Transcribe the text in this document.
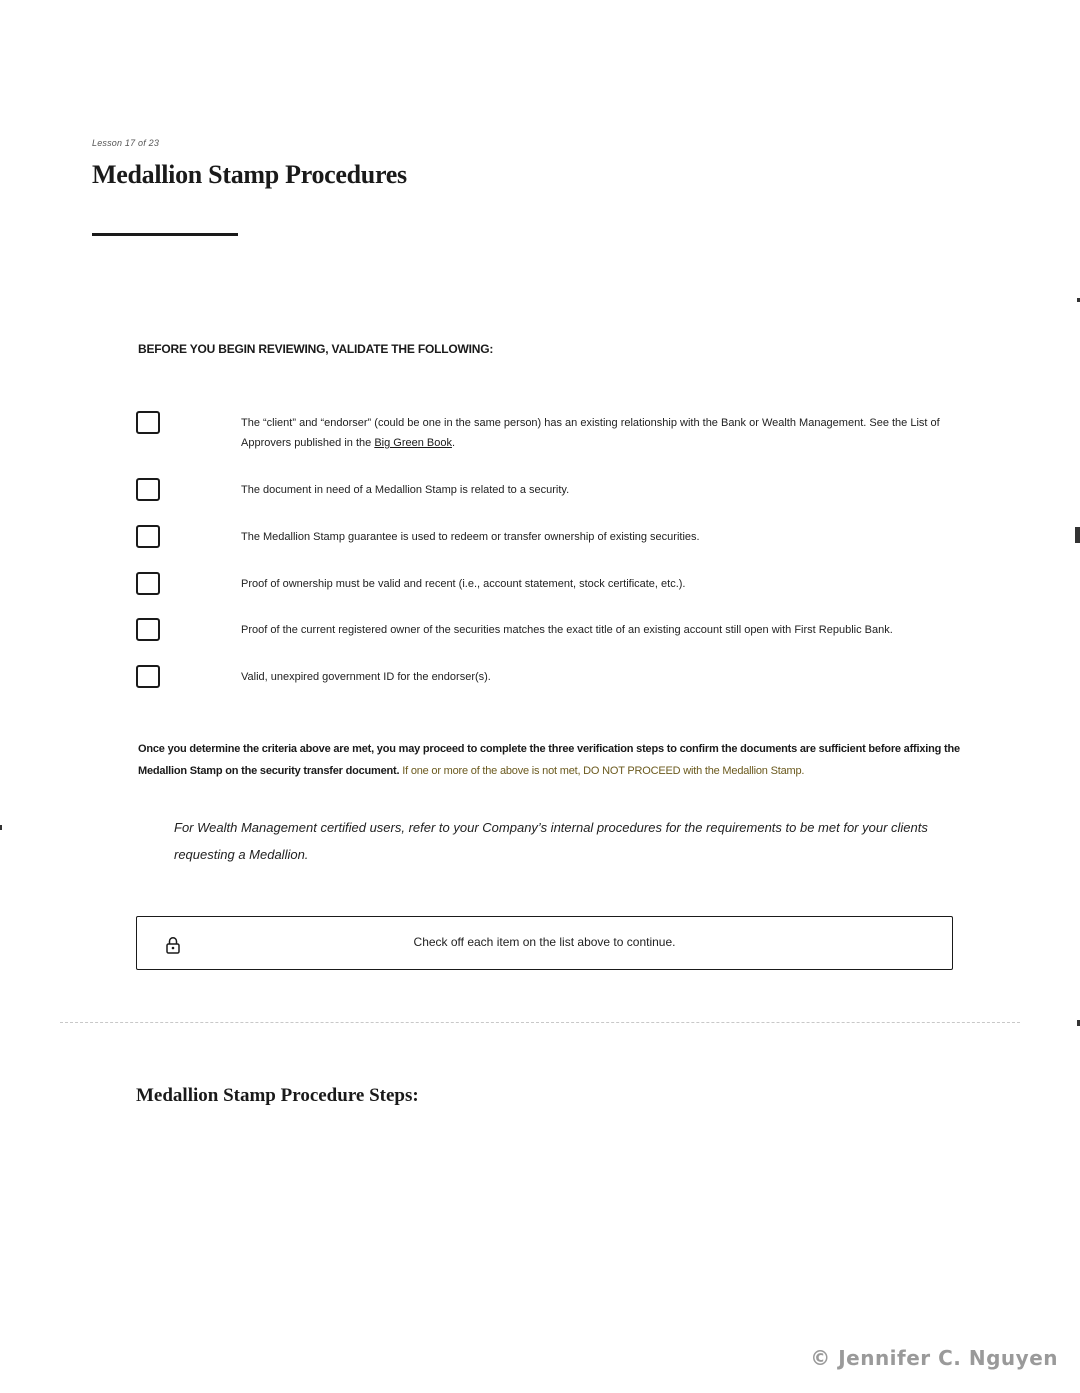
Lesson 17 of 23
Medallion Stamp Procedures
BEFORE YOU BEGIN REVIEWING, VALIDATE THE FOLLOWING:
The “client” and “endorser” (could be one in the same person) has an existing relationship with the Bank or Wealth Management. See the List of Approvers published in the Big Green Book.
The document in need of a Medallion Stamp is related to a security.
The Medallion Stamp guarantee is used to redeem or transfer ownership of existing securities.
Proof of ownership must be valid and recent (i.e., account statement, stock certificate, etc.).
Proof of the current registered owner of the securities matches the exact title of an existing account still open with First Republic Bank.
Valid, unexpired government ID for the endorser(s).

Once you determine the criteria above are met, you may proceed to complete the three verification steps to confirm the documents are sufficient before affixing the Medallion Stamp on the security transfer document. If one or more of the above is not met, DO NOT PROCEED with the Medallion Stamp.

For Wealth Management certified users, refer to your Company’s internal procedures for the requirements to be met for your clients requesting a Medallion.

Check off each item on the list above to continue.
Medallion Stamp Procedure Steps:
© Jennifer C. Nguyen
